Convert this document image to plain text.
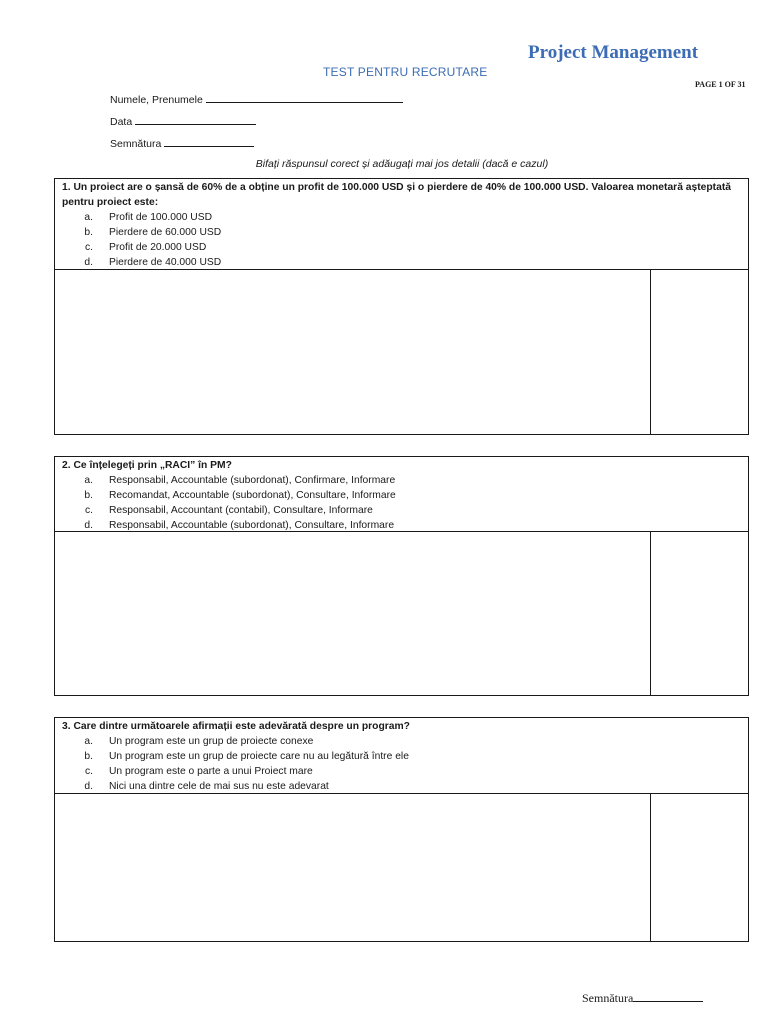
Project Management
TEST PENTRU RECRUTARE
PAGE 1 OF 31
Numele, Prenumele
Data
Semnătura
Bifați răspunsul corect și adăugați mai jos detalii (dacă e cazul)
1. Un proiect are o șansă de 60% de a obține un profit de 100.000 USD și o pierdere de 40% de 100.000 USD. Valoarea monetară așteptată pentru proiect este:
a.	Profit de 100.000 USD
b.	Pierdere de 60.000 USD
c.	Profit de 20.000 USD
d.	Pierdere de 40.000 USD
2. Ce înțelegeți prin „RACI” în PM?
a.	Responsabil, Accountable (subordonat), Confirmare, Informare
b.	Recomandat, Accountable (subordonat), Consultare, Informare
c.	Responsabil, Accountant (contabil), Consultare, Informare
d.	Responsabil, Accountable (subordonat), Consultare, Informare
3. Care dintre următoarele afirmații este adevărată despre un program?
a.	Un program este un grup de proiecte conexe
b.	Un program este un grup de proiecte care nu au legătură între ele
c.	Un program este o parte a unui Proiect mare
d.	Nici una dintre cele de mai sus nu este adevarat
Semnătura
